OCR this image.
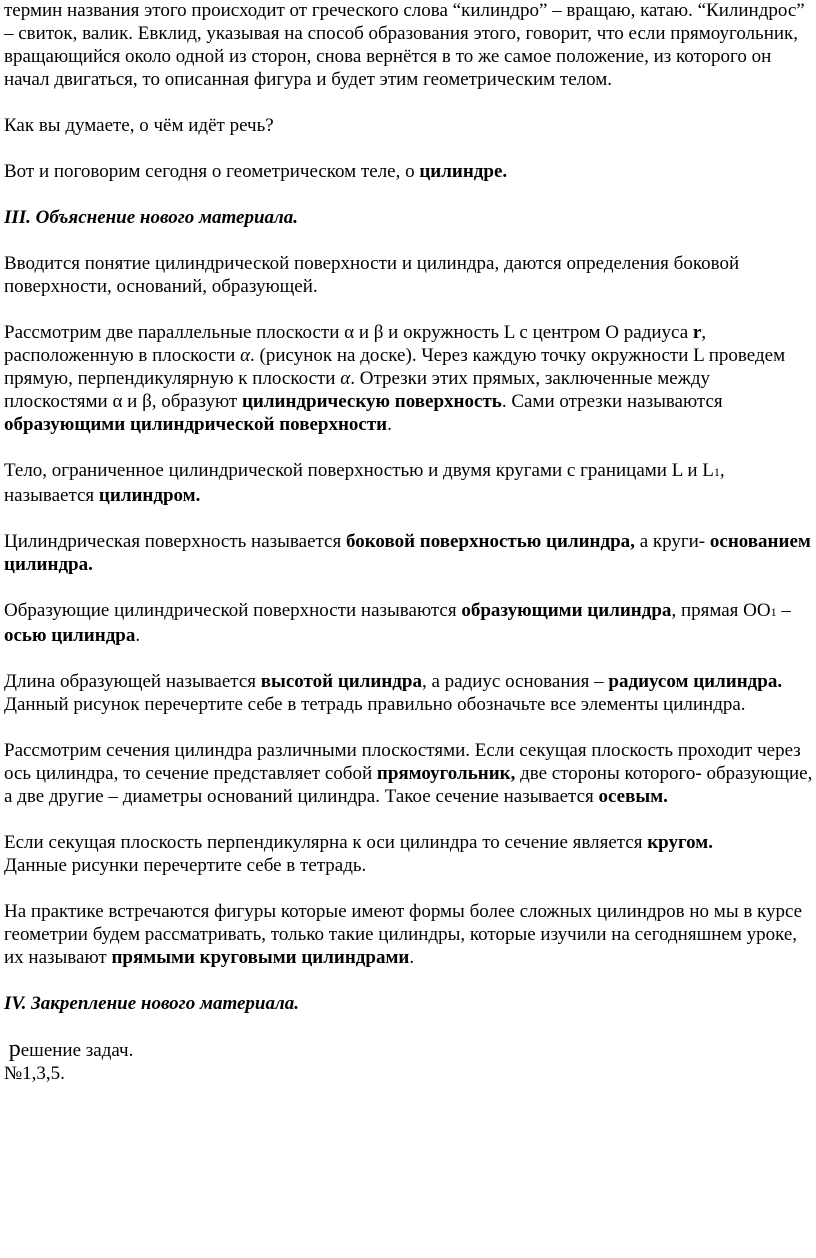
термин названия этого происходит от греческого слова “килиндро” – вращаю, катаю. “Килиндрос” – свиток, валик. Евклид, указывая на способ образования этого, говорит, что если прямоугольник, вращающийся около одной из сторон, снова вернётся в то же самое положение, из которого он начал двигаться, то описанная фигура и будет этим геометрическим телом.

Как вы думаете, о чём идёт речь?

Вот и поговорим сегодня о геометрическом теле, о цилиндре.

III. Объяснение нового материала.

Вводится понятие цилиндрической поверхности и цилиндра, даются определения боковой поверхности, оснований, образующей.

Рассмотрим две параллельные плоскости α и β и окружность L с центром О радиуса r, расположенную в плоскости α. (рисунок на доске). Через каждую точку окружности L проведем прямую, перпендикулярную к плоскости α. Отрезки этих прямых, заключенные между плоскостями α и β, образуют цилиндрическую поверхность. Сами отрезки называются образующими цилиндрической поверхности.

Тело, ограниченное цилиндрической поверхностью и двумя кругами с границами L и L1, называется цилиндром.

Цилиндрическая поверхность называется боковой поверхностью цилиндра, а круги- основанием цилиндра.

Образующие цилиндрической поверхности называются образующими цилиндра, прямая ОО1 – осью цилиндра.

Длина образующей называется высотой цилиндра, а радиус основания – радиусом цилиндра.

Данный рисунок перечертите себе в тетрадь правильно обозначьте все элементы цилиндра.

Рассмотрим сечения цилиндра различными плоскостями. Если секущая плоскость проходит через ось цилиндра, то сечение представляет собой прямоугольник, две стороны которого- образующие, а две другие – диаметры оснований цилиндра. Такое сечение называется осевым.

Если секущая плоскость перпендикулярна к оси цилиндра то сечение является кругом.
Данные рисунки перечертите себе в тетрадь.

На практике встречаются фигуры которые имеют формы более сложных цилиндров но мы в курсе геометрии будем рассматривать, только такие цилиндры, которые изучили на сегодняшнем уроке, их называют прямыми круговыми цилиндрами.

IV. Закрепление нового материала.

решение задач.

№1,3,5.
